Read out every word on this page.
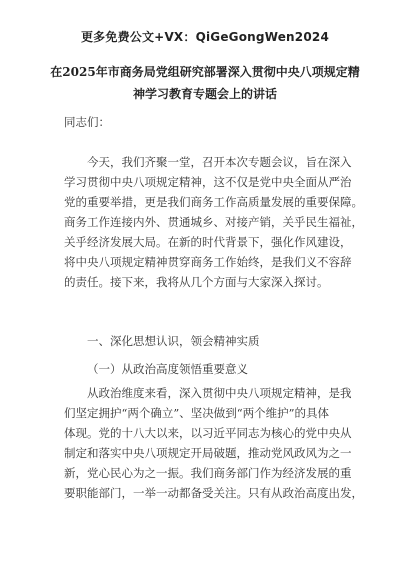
更多免费公文+VX：QiGeGongWen2024
在2025年市商务局党组研究部署深入贯彻中央八项规定精
神学习教育专题会上的讲话
同志们：
今天，我们齐聚一堂，召开本次专题会议，旨在深入
学习贯彻中央八项规定精神，这不仅是党中央全面从严治
党的重要举措，更是我们商务工作高质量发展的重要保障。
商务工作连接内外、贯通城乡、对接产销，关乎民生福祉，
关乎经济发展大局。在新的时代背景下，强化作风建设，
将中央八项规定精神贯穿商务工作始终，是我们义不容辞
的责任。接下来，我将从几个方面与大家深入探讨。
一、深化思想认识，领会精神实质
（一）从政治高度领悟重要意义
从政治维度来看，深入贯彻中央八项规定精神，是我
们坚定拥护“两个确立”、坚决做到“两个维护”的具体
体现。党的十八大以来，以习近平同志为核心的党中央从
制定和落实中央八项规定开局破题，推动党风政风为之一
新，党心民心为之一振。我们商务部门作为经济发展的重
要职能部门，一举一动都备受关注。只有从政治高度出发，
